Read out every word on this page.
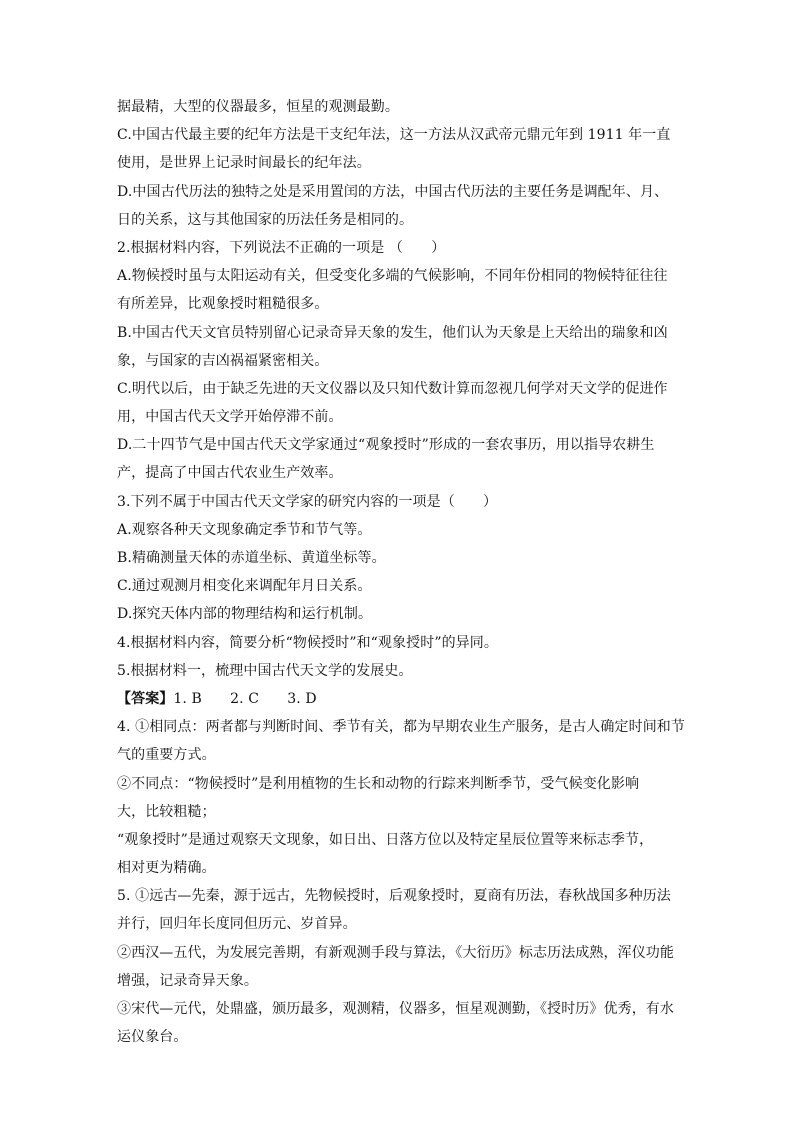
据最精，大型的仪器最多，恒星的观测最勤。
C.中国古代最主要的纪年方法是干支纪年法，这一方法从汉武帝元鼎元年到 1911 年一直
使用，是世界上记录时间最长的纪年法。
D.中国古代历法的独特之处是采用置闰的方法，中国古代历法的主要任务是调配年、月、
日的关系，这与其他国家的历法任务是相同的。
2.根据材料内容，下列说法不正确的一项是 （　　）
A.物候授时虽与太阳运动有关，但受变化多端的气候影响，不同年份相同的物候特征往往
有所差异，比观象授时粗糙很多。
B.中国古代天文官员特别留心记录奇异天象的发生，他们认为天象是上天给出的瑞象和凶
象，与国家的吉凶祸福紧密相关。
C.明代以后，由于缺乏先进的天文仪器以及只知代数计算而忽视几何学对天文学的促进作
用，中国古代天文学开始停滞不前。
D.二十四节气是中国古代天文学家通过“观象授时”形成的一套农事历，用以指导农耕生
产，提高了中国古代农业生产效率。
3.下列不属于中国古代天文学家的研究内容的一项是（　　）
A.观察各种天文现象确定季节和节气等。
B.精确测量天体的赤道坐标、黄道坐标等。
C.通过观测月相变化来调配年月日关系。
D.探究天体内部的物理结构和运行机制。
4.根据材料内容，简要分析“物候授时”和“观象授时”的异同。
5.根据材料一，梳理中国古代天文学的发展史。
【答案】1. B　　2. C　　3. D
4. ①相同点：两者都与判断时间、季节有关，都为早期农业生产服务，是古人确定时间和节
气的重要方式。
②不同点：“物候授时”是利用植物的生长和动物的行踪来判断季节，受气候变化影响
大，比较粗糙；
“观象授时”是通过观察天文现象，如日出、日落方位以及特定星辰位置等来标志季节，
相对更为精确。
5. ①远古—先秦，源于远古，先物候授时，后观象授时，夏商有历法，春秋战国多种历法
并行，回归年长度同但历元、岁首异。
②西汉—五代，为发展完善期，有新观测手段与算法，《大衍历》标志历法成熟，浑仪功能
增强，记录奇异天象。
③宋代—元代，处鼎盛，颁历最多，观测精，仪器多，恒星观测勤，《授时历》优秀，有水
运仪象台。
